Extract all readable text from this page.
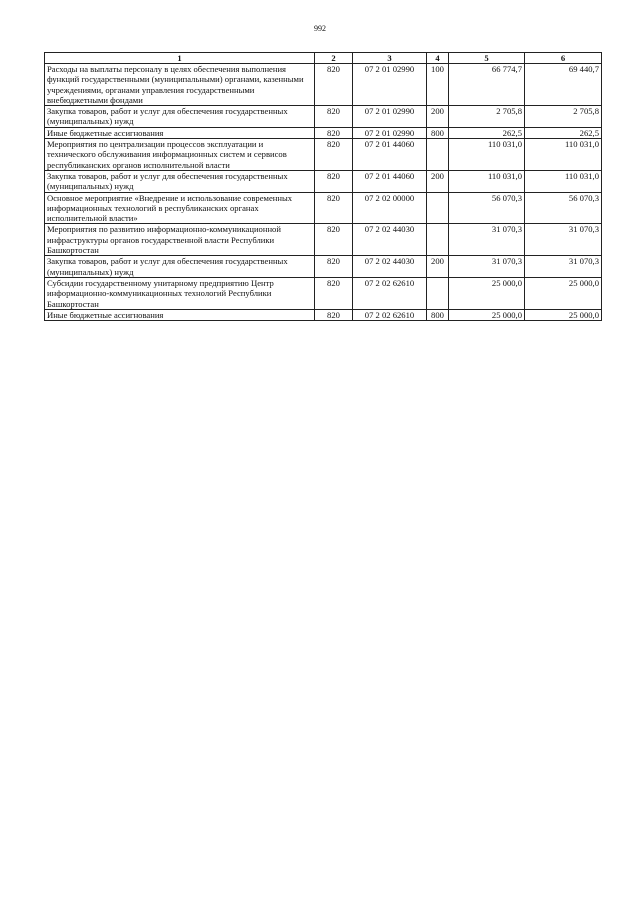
992
1	2	3	4	5	6
Расходы на выплаты персоналу в целях обеспечения выполнения функций государственными (муниципальными) органами, казенными учреждениями, органами управления государственными внебюджетными фондами	820	07 2 01 02990	100	66 774,7	69 440,7
Закупка товаров, работ и услуг для обеспечения государственных (муниципальных) нужд	820	07 2 01 02990	200	2 705,8	2 705,8
Иные бюджетные ассигнования	820	07 2 01 02990	800	262,5	262,5
Мероприятия по централизации процессов эксплуатации и технического обслуживания информационных систем и сервисов республиканских органов исполнительной власти	820	07 2 01 44060		110 031,0	110 031,0
Закупка товаров, работ и услуг для обеспечения государственных (муниципальных) нужд	820	07 2 01 44060	200	110 031,0	110 031,0
Основное мероприятие «Внедрение и использование современных информационных технологий в республиканских органах исполнительной власти»	820	07 2 02 00000		56 070,3	56 070,3
Мероприятия по развитию информационно-коммуникационной инфраструктуры органов государственной власти Республики Башкортостан	820	07 2 02 44030		31 070,3	31 070,3
Закупка товаров, работ и услуг для обеспечения государственных (муниципальных) нужд	820	07 2 02 44030	200	31 070,3	31 070,3
Субсидии государственному унитарному предприятию Центр информационно-коммуникационных технологий Республики Башкортостан	820	07 2 02 62610		25 000,0	25 000,0
Иные бюджетные ассигнования	820	07 2 02 62610	800	25 000,0	25 000,0
